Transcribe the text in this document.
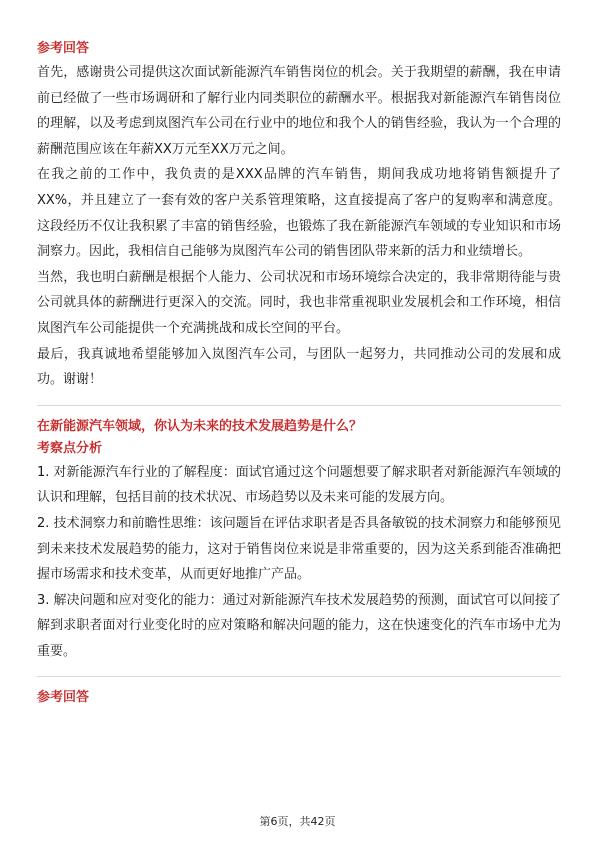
参考回答

首先，感谢贵公司提供这次面试新能源汽车销售岗位的机会。关于我期望的薪酬，我在申请前已经做了一些市场调研和了解行业内同类职位的薪酬水平。根据我对新能源汽车销售岗位的理解，以及考虑到岚图汽车公司在行业中的地位和我个人的销售经验，我认为一个合理的薪酬范围应该在年薪XX万元至XX万元之间。

在我之前的工作中，我负责的是XXX品牌的汽车销售，期间我成功地将销售额提升了XX%，并且建立了一套有效的客户关系管理策略，这直接提高了客户的复购率和满意度。这段经历不仅让我积累了丰富的销售经验，也锻炼了我在新能源汽车领域的专业知识和市场洞察力。因此，我相信自己能够为岚图汽车公司的销售团队带来新的活力和业绩增长。

当然，我也明白薪酬是根据个人能力、公司状况和市场环境综合决定的，我非常期待能与贵公司就具体的薪酬进行更深入的交流。同时，我也非常重视职业发展机会和工作环境，相信岚图汽车公司能提供一个充满挑战和成长空间的平台。

最后，我真诚地希望能够加入岚图汽车公司，与团队一起努力，共同推动公司的发展和成功。谢谢！

在新能源汽车领域，你认为未来的技术发展趋势是什么？
考察点分析

1. 对新能源汽车行业的了解程度：面试官通过这个问题想要了解求职者对新能源汽车领域的认识和理解，包括目前的技术状况、市场趋势以及未来可能的发展方向。

2. 技术洞察力和前瞻性思维：该问题旨在评估求职者是否具备敏锐的技术洞察力和能够预见到未来技术发展趋势的能力，这对于销售岗位来说是非常重要的，因为这关系到能否准确把握市场需求和技术变革，从而更好地推广产品。

3. 解决问题和应对变化的能力：通过对新能源汽车技术发展趋势的预测，面试官可以间接了解到求职者面对行业变化时的应对策略和解决问题的能力，这在快速变化的汽车市场中尤为重要。

参考回答
第6页，共42页
